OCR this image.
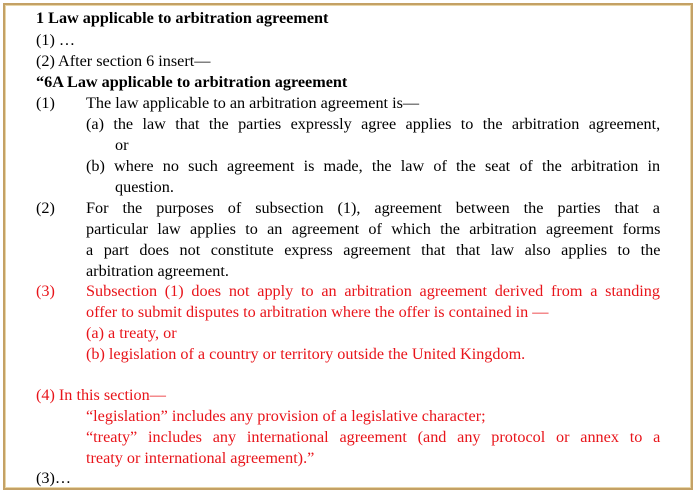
1 Law applicable to arbitration agreement
(1) …
(2) After section 6 insert—
“6A Law applicable to arbitration agreement
(1) The law applicable to an arbitration agreement is—
(a) the law that the parties expressly agree applies to the arbitration agreement,
or
(b) where no such agreement is made, the law of the seat of the arbitration in
question.
(2) For the purposes of subsection (1), agreement between the parties that a
particular law applies to an agreement of which the arbitration agreement forms
a part does not constitute express agreement that that law also applies to the
arbitration agreement.
(3) Subsection (1) does not apply to an arbitration agreement derived from a standing
offer to submit disputes to arbitration where the offer is contained in —
(a) a treaty, or
(b) legislation of a country or territory outside the United Kingdom.
(4) In this section—
“legislation” includes any provision of a legislative character;
“treaty” includes any international agreement (and any protocol or annex to a
treaty or international agreement).”
(3)…
